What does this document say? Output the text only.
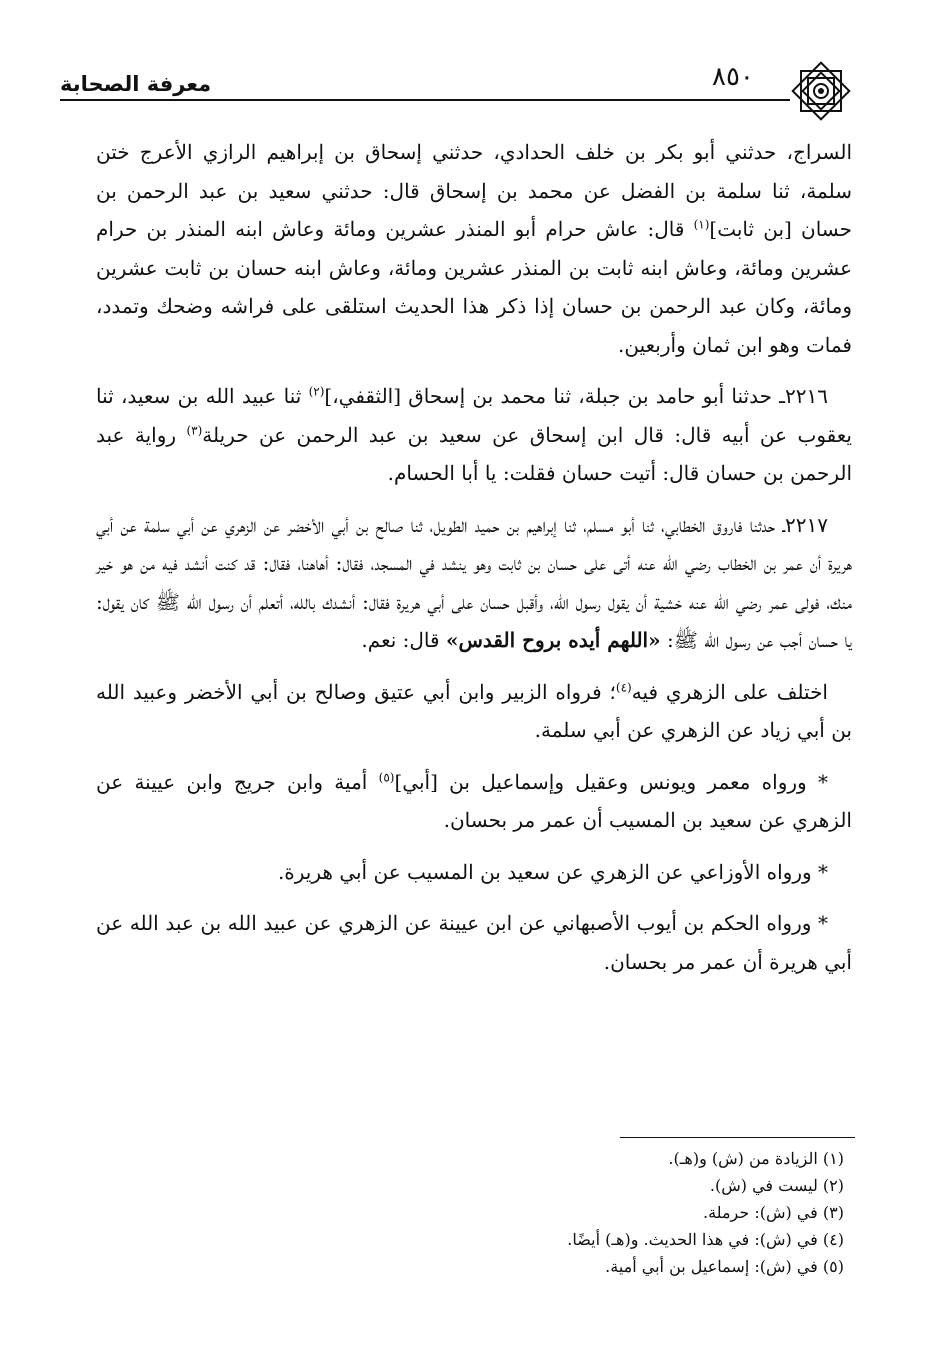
معرفة الصحابة	٨٥٠

السراج، حدثني أبو بكر بن خلف الحدادي، حدثني إسحاق بن إبراهيم الرازي الأعرج ختن سلمة، ثنا سلمة بن الفضل عن محمد بن إسحاق قال: حدثني سعيد بن عبد الرحمن بن حسان [بن ثابت]$^{(١)}$ قال: عاش حرام أبو المنذر عشرين ومائة وعاش ابنه المنذر بن حرام عشرين ومائة، وعاش ابنه ثابت بن المنذر عشرين ومائة، وعاش ابنه حسان بن ثابت عشرين ومائة، وكان عبد الرحمن بن حسان إذا ذكر هذا الحديث استلقى على فراشه وضحك وتمدد، فمات وهو ابن ثمان وأربعين.

٢٢١٦ـ حدثنا أبو حامد بن جبلة، ثنا محمد بن إسحاق [الثقفي،]$^{(٢)}$ ثنا عبيد الله بن سعيد، ثنا يعقوب عن أبيه قال: قال ابن إسحاق عن سعيد بن عبد الرحمن عن حريلة$^{(٣)}$ رواية عبد الرحمن بن حسان قال: أتيت حسان فقلت: يا أبا الحسام.

٢٢١٧ـ حدثنا فاروق الخطابي، ثنا أبو مسلم، ثنا إبراهيم بن حميد الطويل، ثنا صالح بن أبي الأخضر عن الزهري عن أبي سلمة عن أبي هريرة أن عمر بن الخطاب رضي الله عنه أتى على حسان بن ثابت وهو ينشد في المسجد، فقال: أهاهنا، فقال: قد كنت أنشد فيه من هو خير منك، فولى عمر رضي الله عنه خشية أن يقول رسول الله، وأقبل حسان على أبي هريرة فقال: أنشدك بالله، أتعلم أن رسول الله ﷺ كان يقول: يا حسان أجب عن رسول الله ﷺ: «اللهم أيده بروح القدس» قال: نعم.

اختلف على الزهري فيه$^{(٤)}$؛ فرواه الزبير وابن أبي عتيق وصالح بن أبي الأخضر وعبيد الله بن أبي زياد عن الزهري عن أبي سلمة.

* ورواه معمر ويونس وعقيل وإسماعيل بن [أبي]$^{(٥)}$ أمية وابن جريج وابن عيينة عن الزهري عن سعيد بن المسيب أن عمر مر بحسان.

* ورواه الأوزاعي عن الزهري عن سعيد بن المسيب عن أبي هريرة.

* ورواه الحكم بن أيوب الأصبهاني عن ابن عيينة عن الزهري عن عبيد الله بن عبد الله عن أبي هريرة أن عمر مر بحسان.

(١) الزيادة من (ش) و(هـ).
(٢) ليست في (ش).
(٣) في (ش): حرملة.
(٤) في (ش): في هذا الحديث. و(هـ) أيضًا.
(٥) في (ش): إسماعيل بن أبي أمية.
